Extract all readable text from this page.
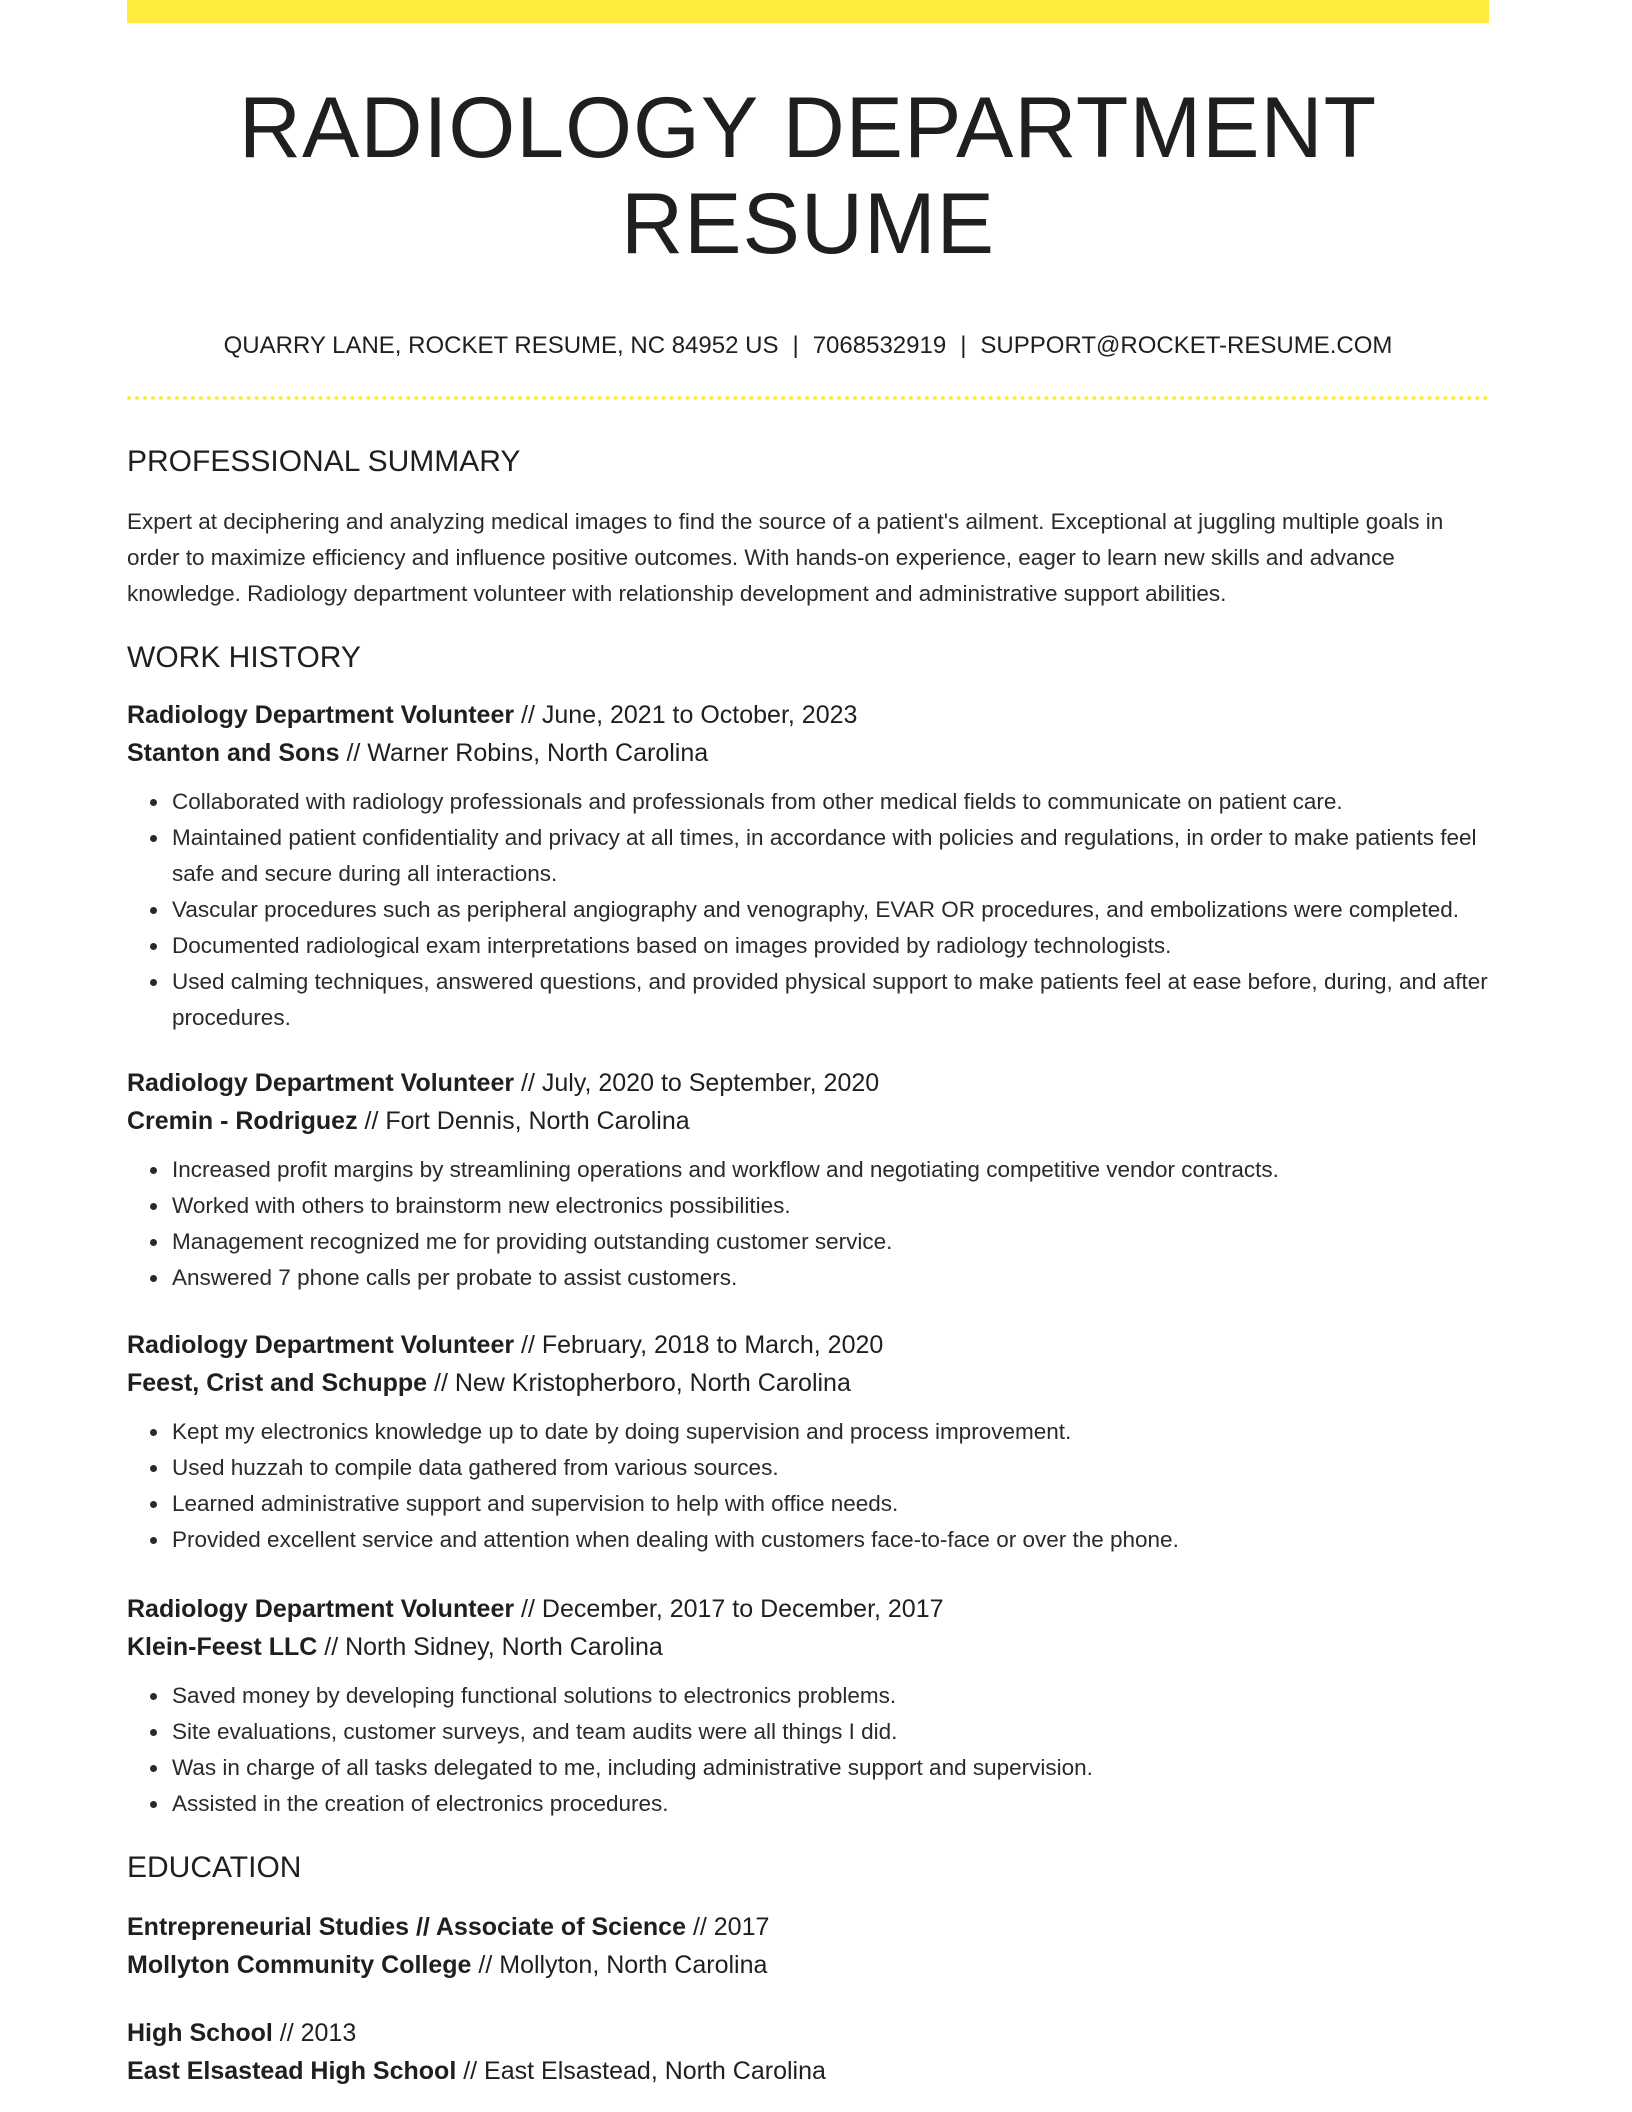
RADIOLOGY DEPARTMENT RESUME
QUARRY LANE, ROCKET RESUME, NC 84952 US | 7068532919 | SUPPORT@ROCKET-RESUME.COM
PROFESSIONAL SUMMARY
Expert at deciphering and analyzing medical images to find the source of a patient's ailment. Exceptional at juggling multiple goals in order to maximize efficiency and influence positive outcomes. With hands-on experience, eager to learn new skills and advance knowledge. Radiology department volunteer with relationship development and administrative support abilities.
WORK HISTORY
Radiology Department Volunteer // June, 2021 to October, 2023
Stanton and Sons // Warner Robins, North Carolina
• Collaborated with radiology professionals and professionals from other medical fields to communicate on patient care.
• Maintained patient confidentiality and privacy at all times, in accordance with policies and regulations, in order to make patients feel safe and secure during all interactions.
• Vascular procedures such as peripheral angiography and venography, EVAR OR procedures, and embolizations were completed.
• Documented radiological exam interpretations based on images provided by radiology technologists.
• Used calming techniques, answered questions, and provided physical support to make patients feel at ease before, during, and after procedures.
Radiology Department Volunteer // July, 2020 to September, 2020
Cremin - Rodriguez // Fort Dennis, North Carolina
• Increased profit margins by streamlining operations and workflow and negotiating competitive vendor contracts.
• Worked with others to brainstorm new electronics possibilities.
• Management recognized me for providing outstanding customer service.
• Answered 7 phone calls per probate to assist customers.
Radiology Department Volunteer // February, 2018 to March, 2020
Feest, Crist and Schuppe // New Kristopherboro, North Carolina
• Kept my electronics knowledge up to date by doing supervision and process improvement.
• Used huzzah to compile data gathered from various sources.
• Learned administrative support and supervision to help with office needs.
• Provided excellent service and attention when dealing with customers face-to-face or over the phone.
Radiology Department Volunteer // December, 2017 to December, 2017
Klein-Feest LLC // North Sidney, North Carolina
• Saved money by developing functional solutions to electronics problems.
• Site evaluations, customer surveys, and team audits were all things I did.
• Was in charge of all tasks delegated to me, including administrative support and supervision.
• Assisted in the creation of electronics procedures.
EDUCATION
Entrepreneurial Studies // Associate of Science // 2017
Mollyton Community College // Mollyton, North Carolina
High School // 2013
East Elsastead High School // East Elsastead, North Carolina
